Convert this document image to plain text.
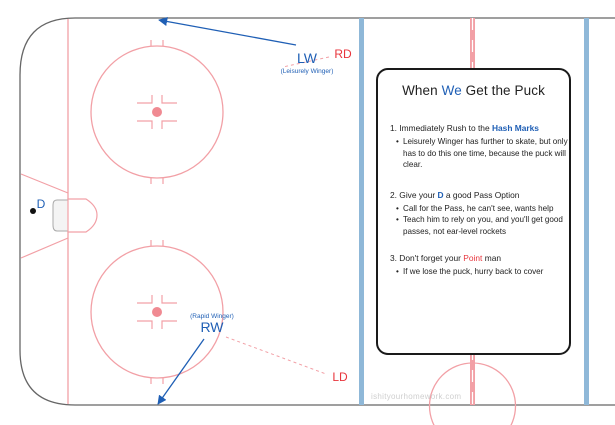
LW
(Leisurely Winger)
(Rapid Winger)
RW
RD
LD
D
When We Get the Puck
1. Immediately Rush to the Hash Marks
• Leisurely Winger has further to skate, but only has to do this one time, because the puck will clear.
2. Give your D a good Pass Option
• Call for the Pass, he can't see, wants help
• Teach him to rely on you, and you'll get good passes, not ear-level rockets
3. Don't forget your Point man
• If we lose the puck, hurry back to cover
ishityourhomework.com
